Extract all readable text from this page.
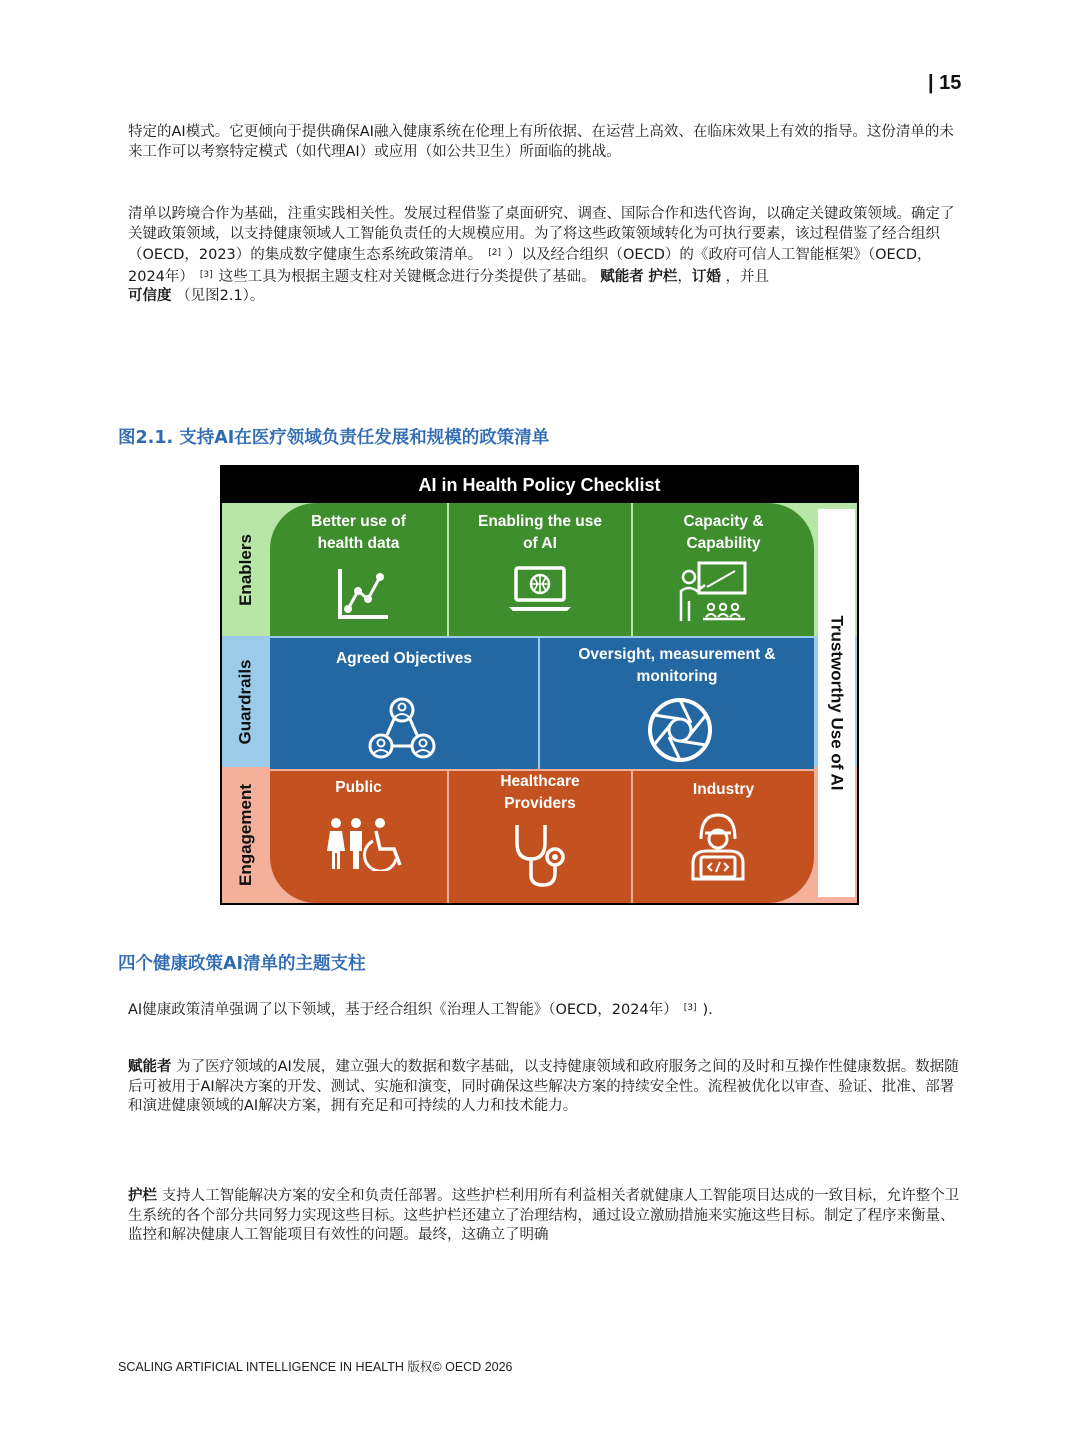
| 15

特定的AI模式。它更倾向于提供确保AI融入健康系统在伦理上有所依据、在运营上高效、在临床效果上有效的指导。这份清单的未来工作可以考察特定模式（如代理AI）或应用（如公共卫生）所面临的挑战。

清单以跨境合作为基础，注重实践相关性。发展过程借鉴了桌面研究、调查、国际合作和迭代咨询，以确定关键政策领域。确定了关键政策领域，以支持健康领域人工智能负责任的大规模应用。为了将这些政策领域转化为可执行要素，该过程借鉴了经合组织（OECD，2023）的集成数字健康生态系统政策清单。 [2] ）以及经合组织（OECD）的《政府可信人工智能框架》（OECD，2024年） [3] 这些工具为根据主题支柱对关键概念进行分类提供了基础。 赋能者 护栏，订婚 ，并且
可信度 （见图2.1）。

图2.1. 支持AI在医疗领域负责任发展和规模的政策清单
AI in Health Policy Checklist
Enablers
Guardrails
Engagement
Better use of
health data
Enabling the use
of AI
Capacity &
Capability
Agreed Objectives	Oversight, measurement &
monitoring
Public	Healthcare
Providers
Industry	Trustworthy Use of AI
四个健康政策AI清单的主题支柱

AI健康政策清单强调了以下领域，基于经合组织《治理人工智能》（OECD，2024年） [3] ).

赋能者 为了医疗领域的AI发展，建立强大的数据和数字基础，以支持健康领域和政府服务之间的及时和互操作性健康数据。数据随后可被用于AI解决方案的开发、测试、实施和演变，同时确保这些解决方案的持续安全性。流程被优化以审查、验证、批准、部署和演进健康领域的AI解决方案，拥有充足和可持续的人力和技术能力。

护栏 支持人工智能解决方案的安全和负责任部署。这些护栏利用所有利益相关者就健康人工智能项目达成的一致目标，允许整个卫生系统的各个部分共同努力实现这些目标。这些护栏还建立了治理结构，通过设立激励措施来实施这些目标。制定了程序来衡量、监控和解决健康人工智能项目有效性的问题。最终，这确立了明确

SCALING ARTIFICIAL INTELLIGENCE IN HEALTH 版权© OECD 2026
